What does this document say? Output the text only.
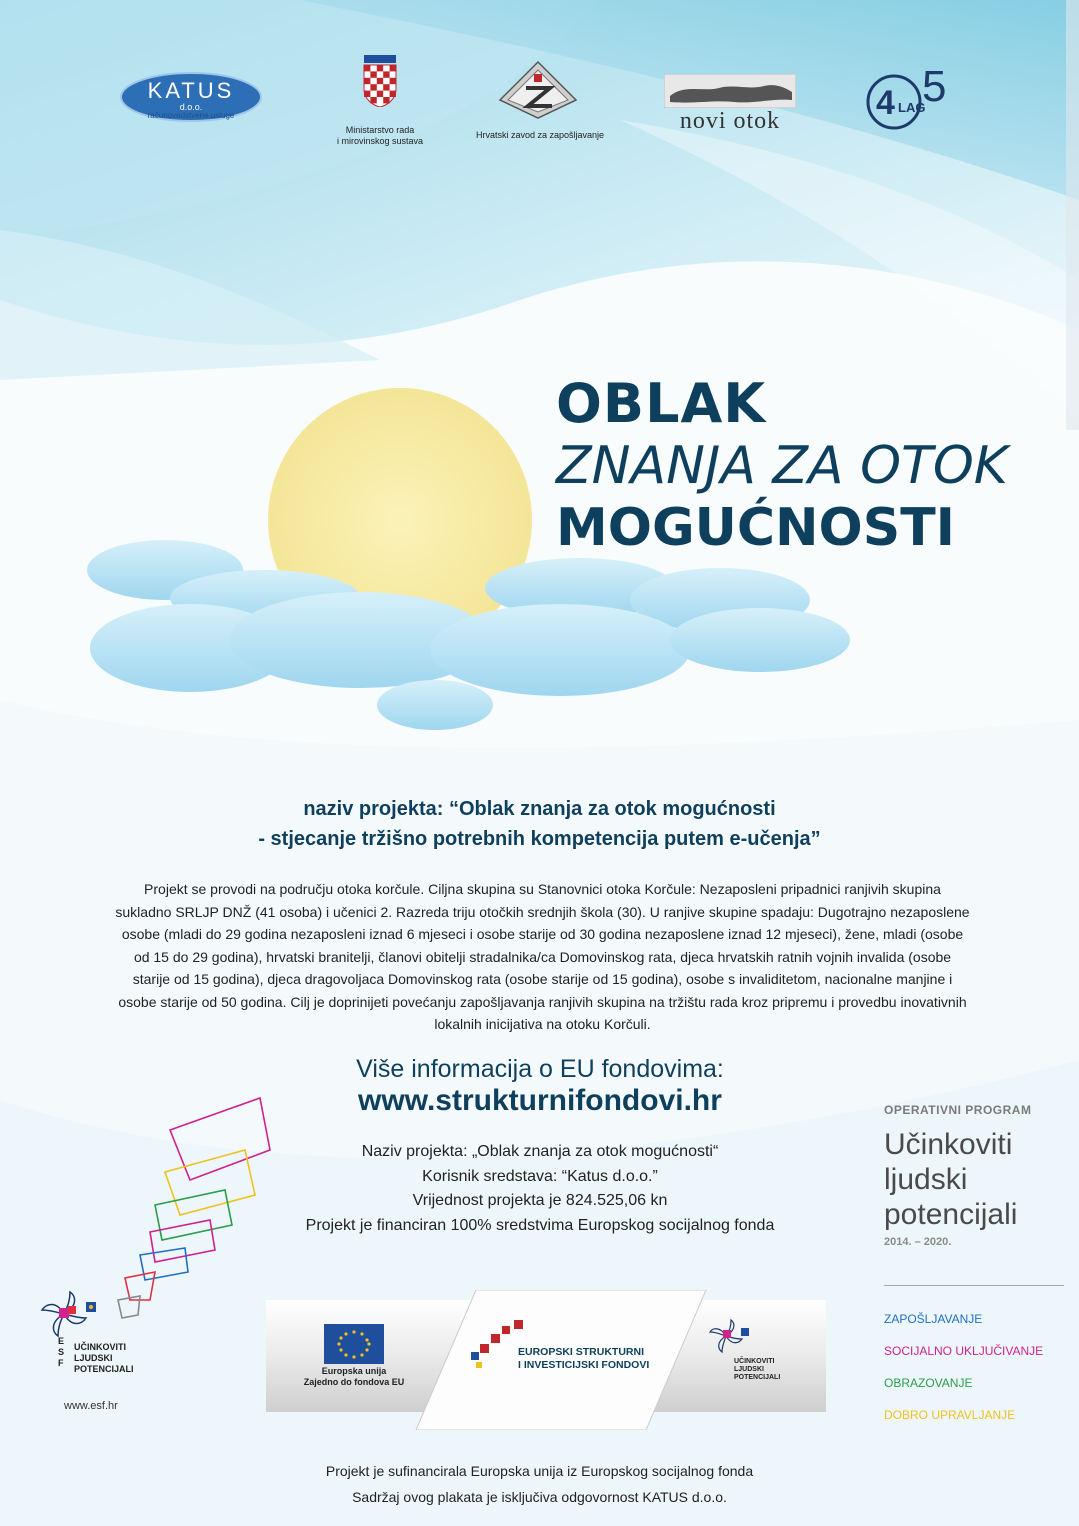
KATUS
d.o.o.
računovodstvene usluge
Ministarstvo rada
i mirovinskog sustava
Hrvatski zavod za zapošljavanje
novi otok	4 LAG
5
OBLAK
ZNANJA ZA OTOK
MOGUĆNOSTI
naziv projekta: “Oblak znanja za otok mogućnosti
- stjecanje tržišno potrebnih kompetencija putem e-učenja”
Projekt se provodi na području otoka korčule. Ciljna skupina su Stanovnici otoka Korčule: Nezaposleni pripadnici ranjivih skupina
sukladno SRLJP DNŽ (41 osoba) i učenici 2. Razreda triju otočkih srednjih škola (30). U ranjive skupine spadaju: Dugotrajno nezaposlene
osobe (mladi do 29 godina nezaposleni iznad 6 mjeseci i osobe starije od 30 godina nezaposlene iznad 12 mjeseci), žene, mladi (osobe
od 15 do 29 godina), hrvatski branitelji, članovi obitelji stradalnika/ca Domovinskog rata, djeca hrvatskih ratnih vojnih invalida (osobe
starije od 15 godina), djeca dragovoljaca Domovinskog rata (osobe starije od 15 godina), osobe s invaliditetom, nacionalne manjine i
osobe starije od 50 godina. Cilj je doprinijeti povećanju zapošljavanja ranjivih skupina na tržištu rada kroz pripremu i provedbu inovativnih
lokalnih inicijativa na otoku Korčuli.
Više informacija o EU fondovima:
www.strukturnifondovi.hr
Naziv projekta: „Oblak znanja za otok mogućnosti“
Korisnik sredstava: “Katus d.o.o.”
Vrijednost projekta je 824.525,06 kn
Projekt je financiran 100% sredstvima Europskog socijalnog fonda
OPERATIVNI PROGRAM
Učinkoviti
ljudski
potencijali
2014. – 2020.
ZAPOŠLJAVANJE
SOCIJALNO UKLJUČIVANJE
OBRAZOVANJE
DOBRO UPRAVLJANJE
E
S
F
UČINKOVITI
LJUDSKI
POTENCIJALI
www.esf.hr
Europska unija
Zajedno do fondova EU
EUROPSKI STRUKTURNI
I INVESTICIJSKI FONDOVI	UČINKOVITI
LJUDSKI
POTENCIJALI
Projekt je sufinancirala Europska unija iz Europskog socijalnog fonda
Sadržaj ovog plakata je isključiva odgovornost KATUS d.o.o.
